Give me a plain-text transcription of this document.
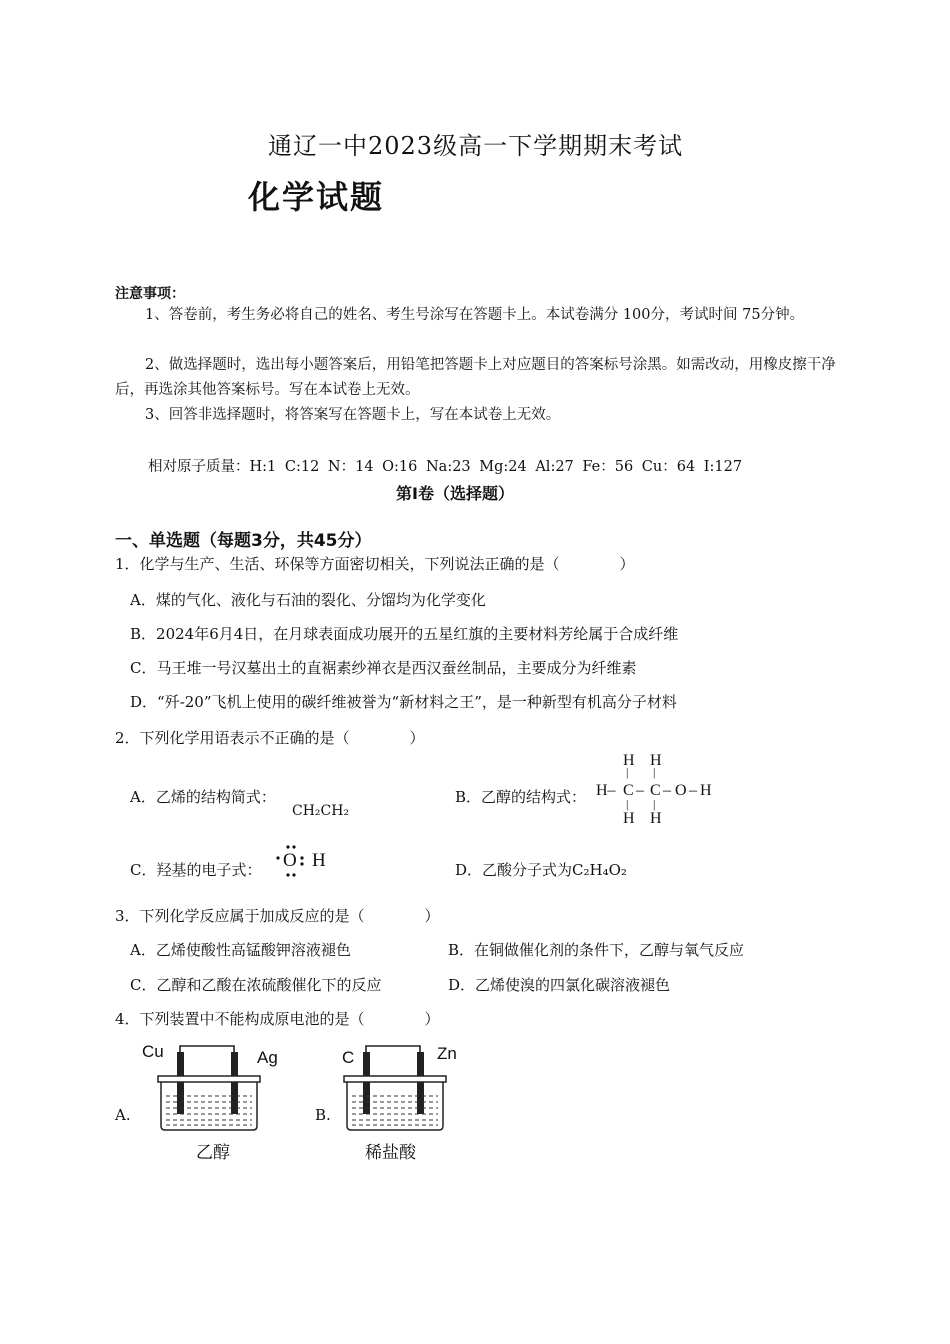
通辽一中2023级高一下学期期末考试
化学试题
注意事项：
1、答卷前，考生务必将自己的姓名、考生号涂写在答题卡上。本试卷满分 100分，考试时间 75分钟。
2、做选择题时，选出每小题答案后，用铅笔把答题卡上对应题目的答案标号涂黑。如需改动，用橡皮擦干净后，再选涂其他答案标号。写在本试卷上无效。
3、回答非选择题时，将答案写在答题卡上，写在本试卷上无效。
相对原子质量：H:1 C:12 N：14 O:16 Na:23 Mg:24 Al:27 Fe：56 Cu：64 I:127
第Ⅰ卷（选择题）
一、单选题（每题3分，共45分）
1．化学与生产、生活、环保等方面密切相关，下列说法正确的是（　　　　）
A．煤的气化、液化与石油的裂化、分馏均为化学变化
B．2024年6月4日，在月球表面成功展开的五星红旗的主要材料芳纶属于合成纤维
C．马王堆一号汉墓出土的直裾素纱禅衣是西汉蚕丝制品，主要成分为纤维素
D．“歼-20”飞机上使用的碳纤维被誉为“新材料之王”，是一种新型有机高分子材料
2．下列化学用语表示不正确的是（　　　　）
A．乙烯的结构简式：
CH₂CH₂
B．乙醇的结构式：
H H
| |
H– C – C – O – H
| |
H H
C．羟基的电子式： O H	D．乙酸分子式为C₂H₄O₂
3．下列化学反应属于加成反应的是（　　　　）
A．乙烯使酸性高锰酸钾溶液褪色	B．在铜做催化剂的条件下，乙醇与氧气反应
C．乙醇和乙酸在浓硫酸催化下的反应	D．乙烯使溴的四氯化碳溶液褪色
4．下列装置中不能构成原电池的是（　　　　）
A.
Cu	Ag
乙醇
B.
C	Zn
稀盐酸
